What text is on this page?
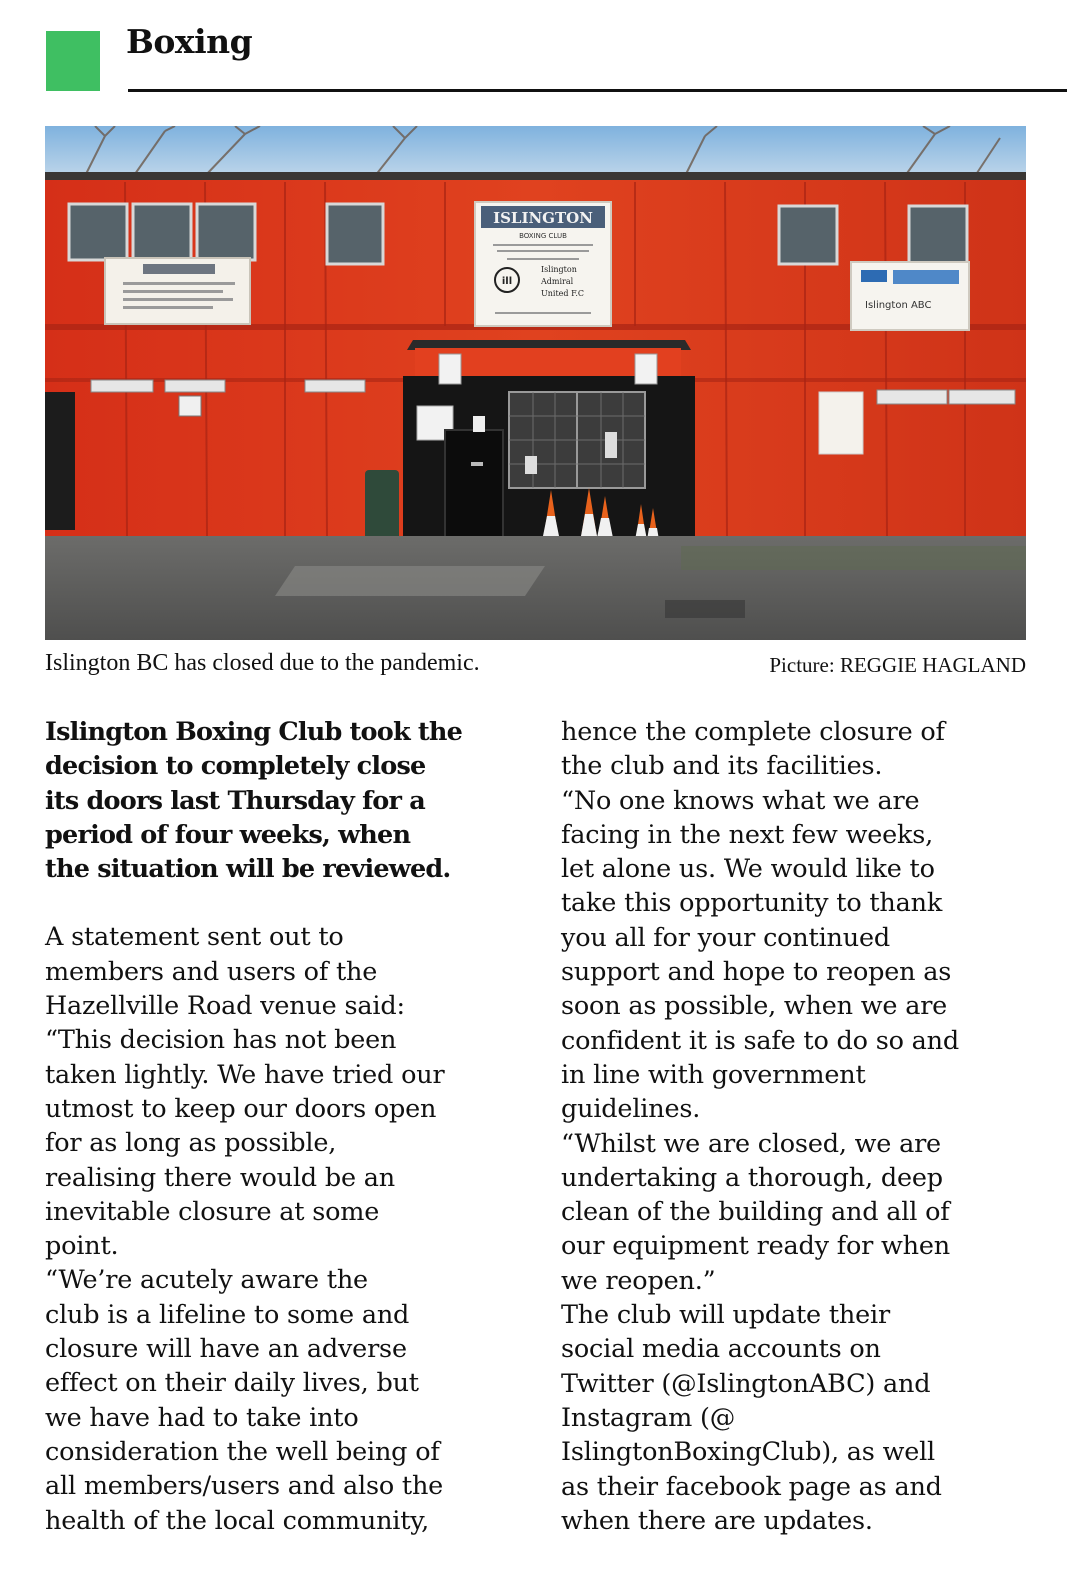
Boxing
ISLINGTON
BOXING CLUB
ill
Islington
Admiral
United F.C
Islington ABC
Islington BC has closed due to the pandemic.	Picture: REGGIE HAGLAND
Islington Boxing Club took the
decision to completely close
its doors last Thursday for a
period of four weeks, when
the situation will be reviewed.
A statement sent out to
members and users of the
Hazellville Road venue said:
“This decision has not been
taken lightly. We have tried our
utmost to keep our doors open
for as long as possible,
realising there would be an
inevitable closure at some
point.
“We’re acutely aware the
club is a lifeline to some and
closure will have an adverse
effect on their daily lives, but
we have had to take into
consideration the well being of
all members/users and also the
health of the local community,
hence the complete closure of
the club and its facilities.
“No one knows what we are
facing in the next few weeks,
let alone us. We would like to
take this opportunity to thank
you all for your continued
support and hope to reopen as
soon as possible, when we are
confident it is safe to do so and
in line with government
guidelines.
“Whilst we are closed, we are
undertaking a thorough, deep
clean of the building and all of
our equipment ready for when
we reopen.”
The club will update their
social media accounts on
Twitter (@IslingtonABC) and
Instagram (@
IslingtonBoxingClub), as well
as their facebook page as and
when there are updates.
